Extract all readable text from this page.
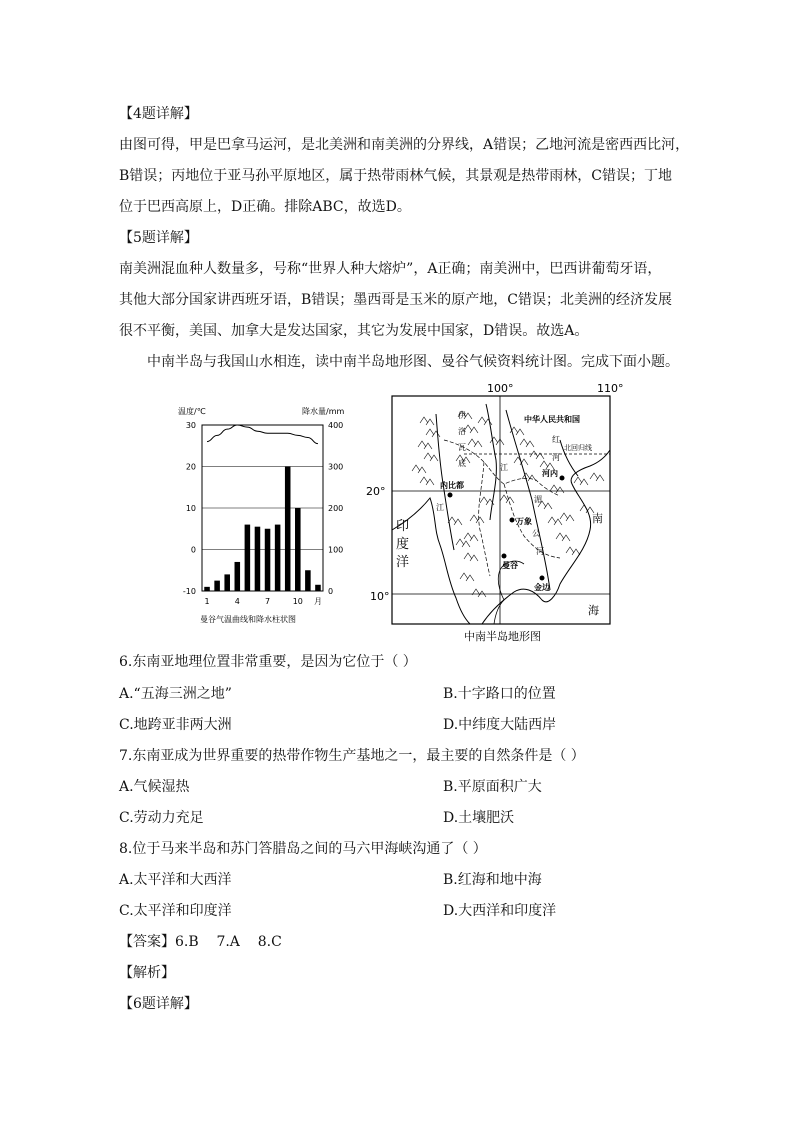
【4题详解】
由图可得，甲是巴拿马运河，是北美洲和南美洲的分界线，A错误；乙地河流是密西西比河，
B错误；丙地位于亚马孙平原地区，属于热带雨林气候，其景观是热带雨林，C错误；丁地
位于巴西高原上，D正确。排除ABC，故选D。
【5题详解】
南美洲混血种人数量多，号称“世界人种大熔炉”，A正确；南美洲中，巴西讲葡萄牙语，
其他大部分国家讲西班牙语，B错误；墨西哥是玉米的原产地，C错误；北美洲的经济发展
很不平衡，美国、加拿大是发达国家，其它为发展中国家，D错误。故选A。
中南半岛与我国山水相连，读中南半岛地形图、曼谷气候资料统计图。完成下面小题。
温度/℃	降水量/mm
30
20
10
0
-10
400
300
200
100
0
1	4	7	10 月
曼谷气温曲线和降水柱状图
100°	110°
20°
10°
中华人民共和国
北回归线
河内
内比都
万象
曼谷
金边
印
度
洋
南
海
伊
洛
瓦
底
江
湄
公
河
红
河
江
中南半岛地形图
6.东南亚地理位置非常重要，是因为它位于（ ）
A.“五海三洲之地”	B.十字路口的位置
C.地跨亚非两大洲	D.中纬度大陆西岸
7.东南亚成为世界重要的热带作物生产基地之一，最主要的自然条件是（ ）
A.气候湿热	B.平原面积广大
C.劳动力充足	D.土壤肥沃
8.位于马来半岛和苏门答腊岛之间的马六甲海峡沟通了（ ）
A.太平洋和大西洋	B.红海和地中海
C.太平洋和印度洋	D.大西洋和印度洋
【答案】6.B    7.A    8.C
【解析】
【6题详解】
